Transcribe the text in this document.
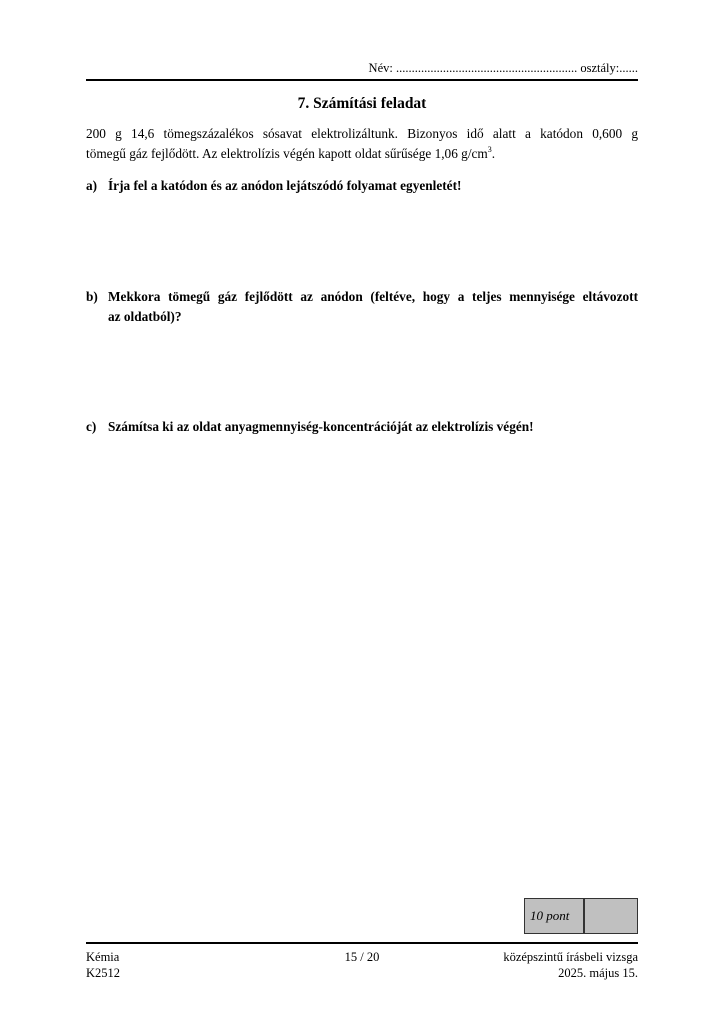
Név: .......................................................... osztály:......
7. Számítási feladat
200 g 14,6 tömegszázalékos sósavat elektrolizáltunk. Bizonyos idő alatt a katódon 0,600 g
tömegű gáz fejlődött. Az elektrolízis végén kapott oldat sűrűsége 1,06 $g/cm^3$.
a) Írja fel a katódon és az anódon lejátszódó folyamat egyenletét!
b) Mekkora tömegű gáz fejlődött az anódon (feltéve, hogy a teljes mennyisége eltávozott
az oldatból)?
c) Számítsa ki az oldat anyagmennyiség-koncentrációját az elektrolízis végén!
10 pont
Kémia
K2512
15 / 20	középszintű írásbeli vizsga
2025. május 15.
